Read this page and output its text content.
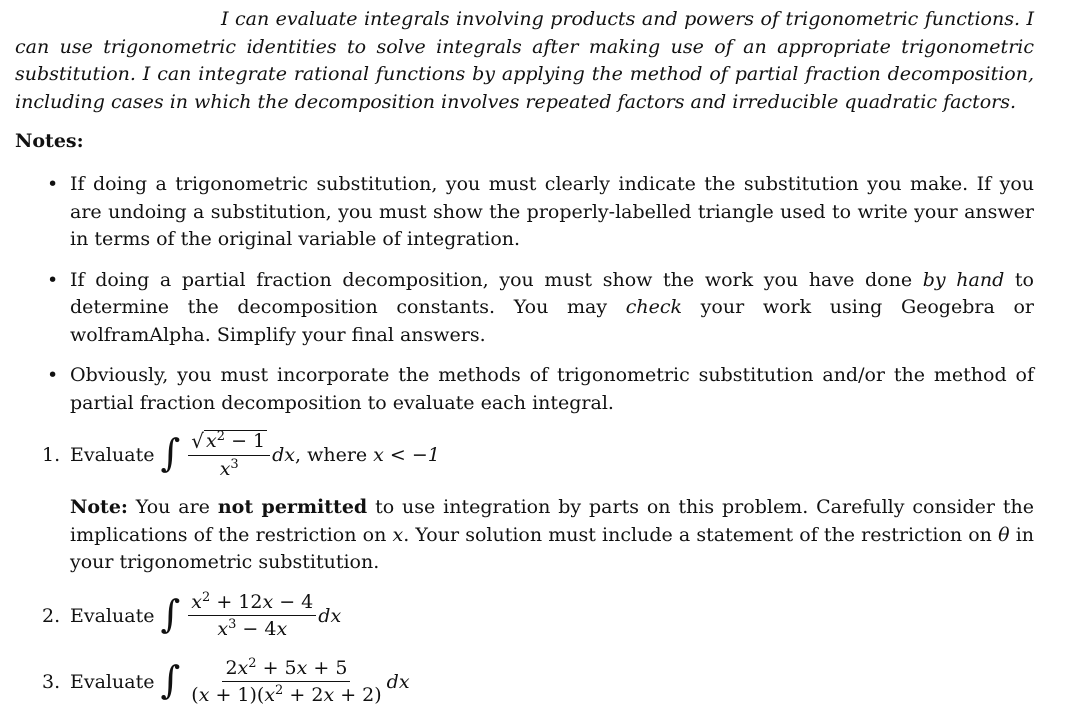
I can evaluate integrals involving products and powers of trigonometric functions. I can use trigonometric identities to solve integrals after making use of an appropriate trigonometric substitution. I can integrate rational functions by applying the method of partial fraction decomposition, including cases in which the decomposition involves repeated factors and irreducible quadratic factors.
Notes:
• If doing a trigonometric substitution, you must clearly indicate the substitution you make. If you are undoing a substitution, you must show the properly-labelled triangle used to write your answer in terms of the original variable of integration.
• If doing a partial fraction decomposition, you must show the work you have done by hand to determine the decomposition constants. You may check your work using Geogebra or wolframAlpha. Simplify your final answers.
• Obviously, you must incorporate the methods of trigonometric substitution and/or the method of partial fraction decomposition to evaluate each integral.
1. Evaluate ∫ $\frac{√ x^2 - 1}{x^3}$ dx , where x < −1
Note: You are not permitted to use integration by parts on this problem. Carefully consider the implications of the restriction on x. Your solution must include a statement of the restriction on θ in your trigonometric substitution.
2. Evaluate ∫ $\frac{x^2 + 12x - 4}{x^3 - 4x}$ dx
3. Evaluate ∫ $\frac{2x^2 + 5x + 5}{(x + 1)(x^2 + 2x + 2)}$ dx
